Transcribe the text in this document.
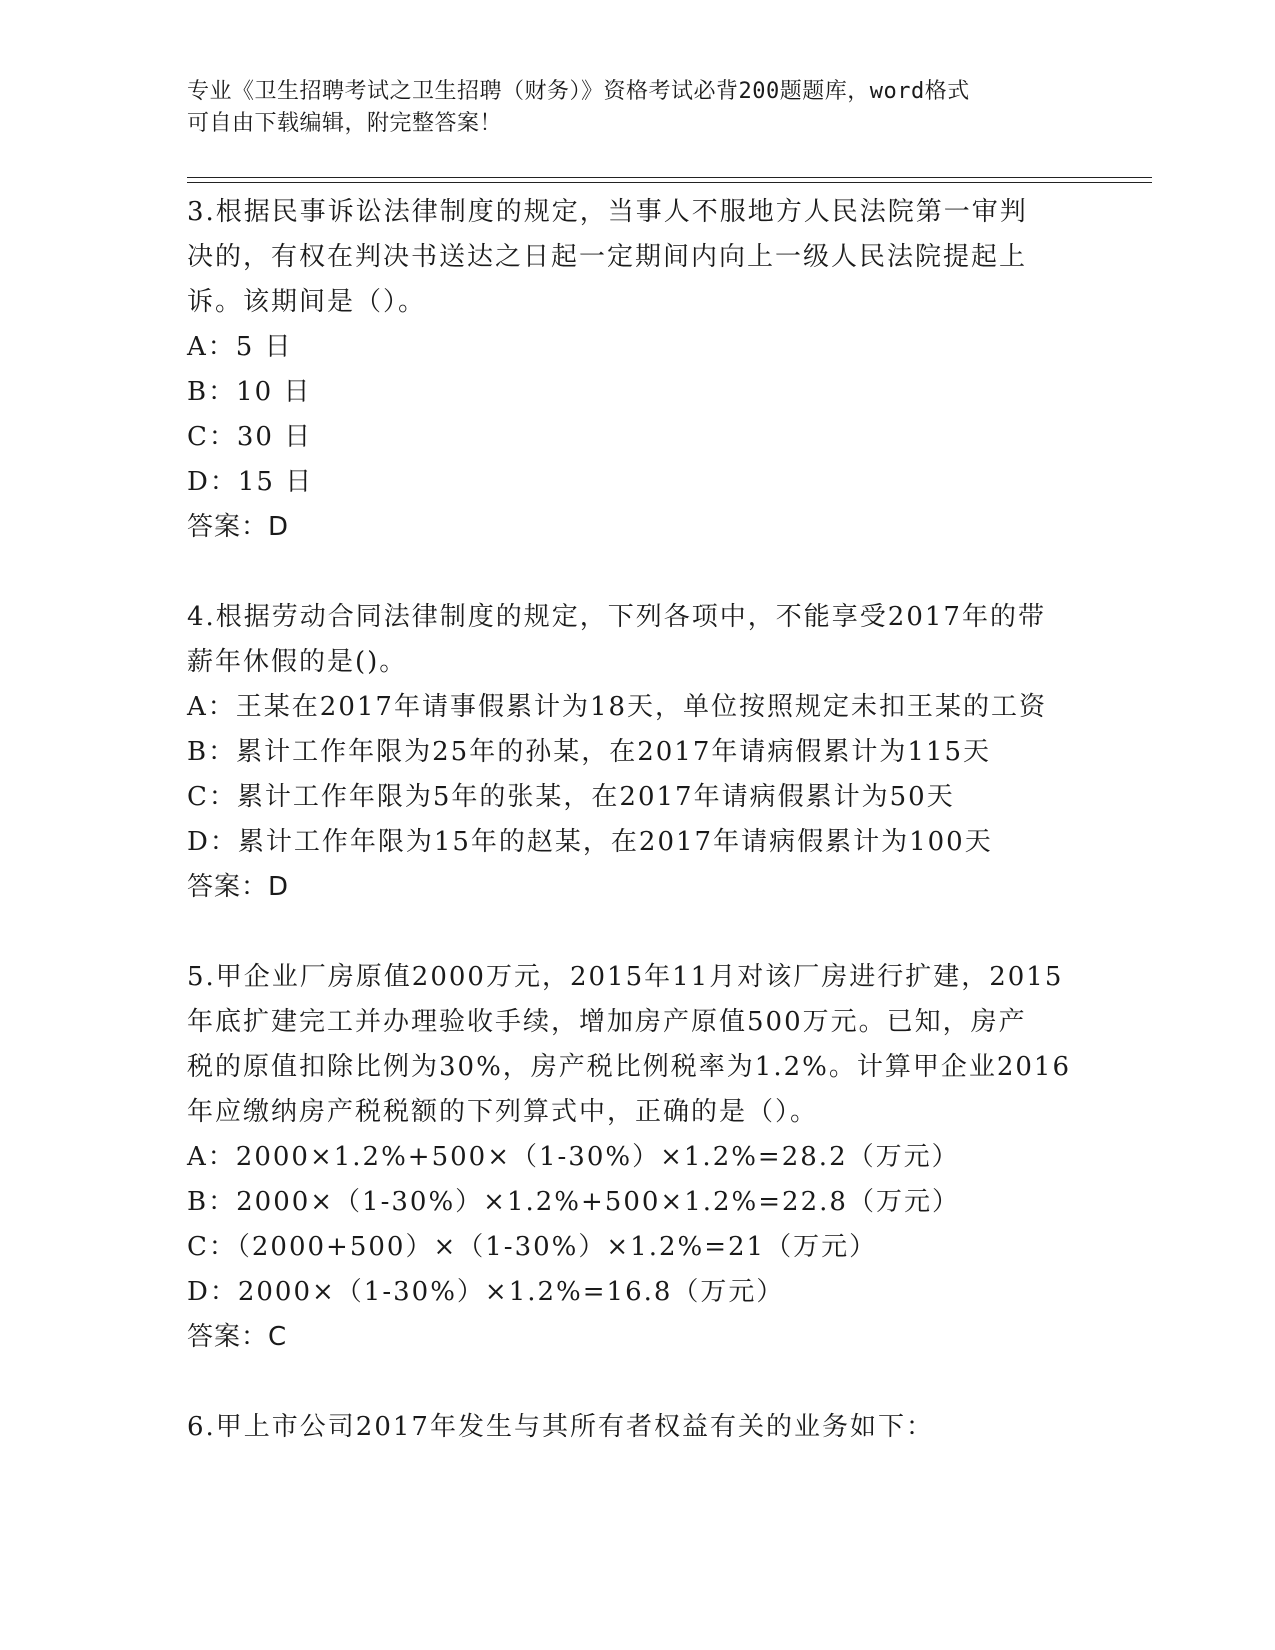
专业《卫生招聘考试之卫生招聘（财务）》资格考试必背200题题库，word格式
可自由下载编辑，附完整答案！
3.根据民事诉讼法律制度的规定，当事人不服地方人民法院第一审判
决的，有权在判决书送达之日起一定期间内向上一级人民法院提起上
诉。该期间是（）。
A：5 日
B：10 日
C：30 日
D：15 日
答案：D
4.根据劳动合同法律制度的规定，下列各项中，不能享受2017年的带
薪年休假的是()。
A：王某在2017年请事假累计为18天，单位按照规定未扣王某的工资
B：累计工作年限为25年的孙某，在2017年请病假累计为115天
C：累计工作年限为5年的张某，在2017年请病假累计为50天
D：累计工作年限为15年的赵某，在2017年请病假累计为100天
答案：D
5.甲企业厂房原值2000万元，2015年11月对该厂房进行扩建，2015
年底扩建完工并办理验收手续，增加房产原值500万元。已知，房产
税的原值扣除比例为30%，房产税比例税率为1.2%。计算甲企业2016
年应缴纳房产税税额的下列算式中，正确的是（）。
A：2000×1.2%+500×（1-30%）×1.2%=28.2（万元）
B：2000×（1-30%）×1.2%+500×1.2%=22.8（万元）
C：（2000+500）×（1-30%）×1.2%=21（万元）
D：2000×（1-30%）×1.2%=16.8（万元）
答案：C
6.甲上市公司2017年发生与其所有者权益有关的业务如下：
